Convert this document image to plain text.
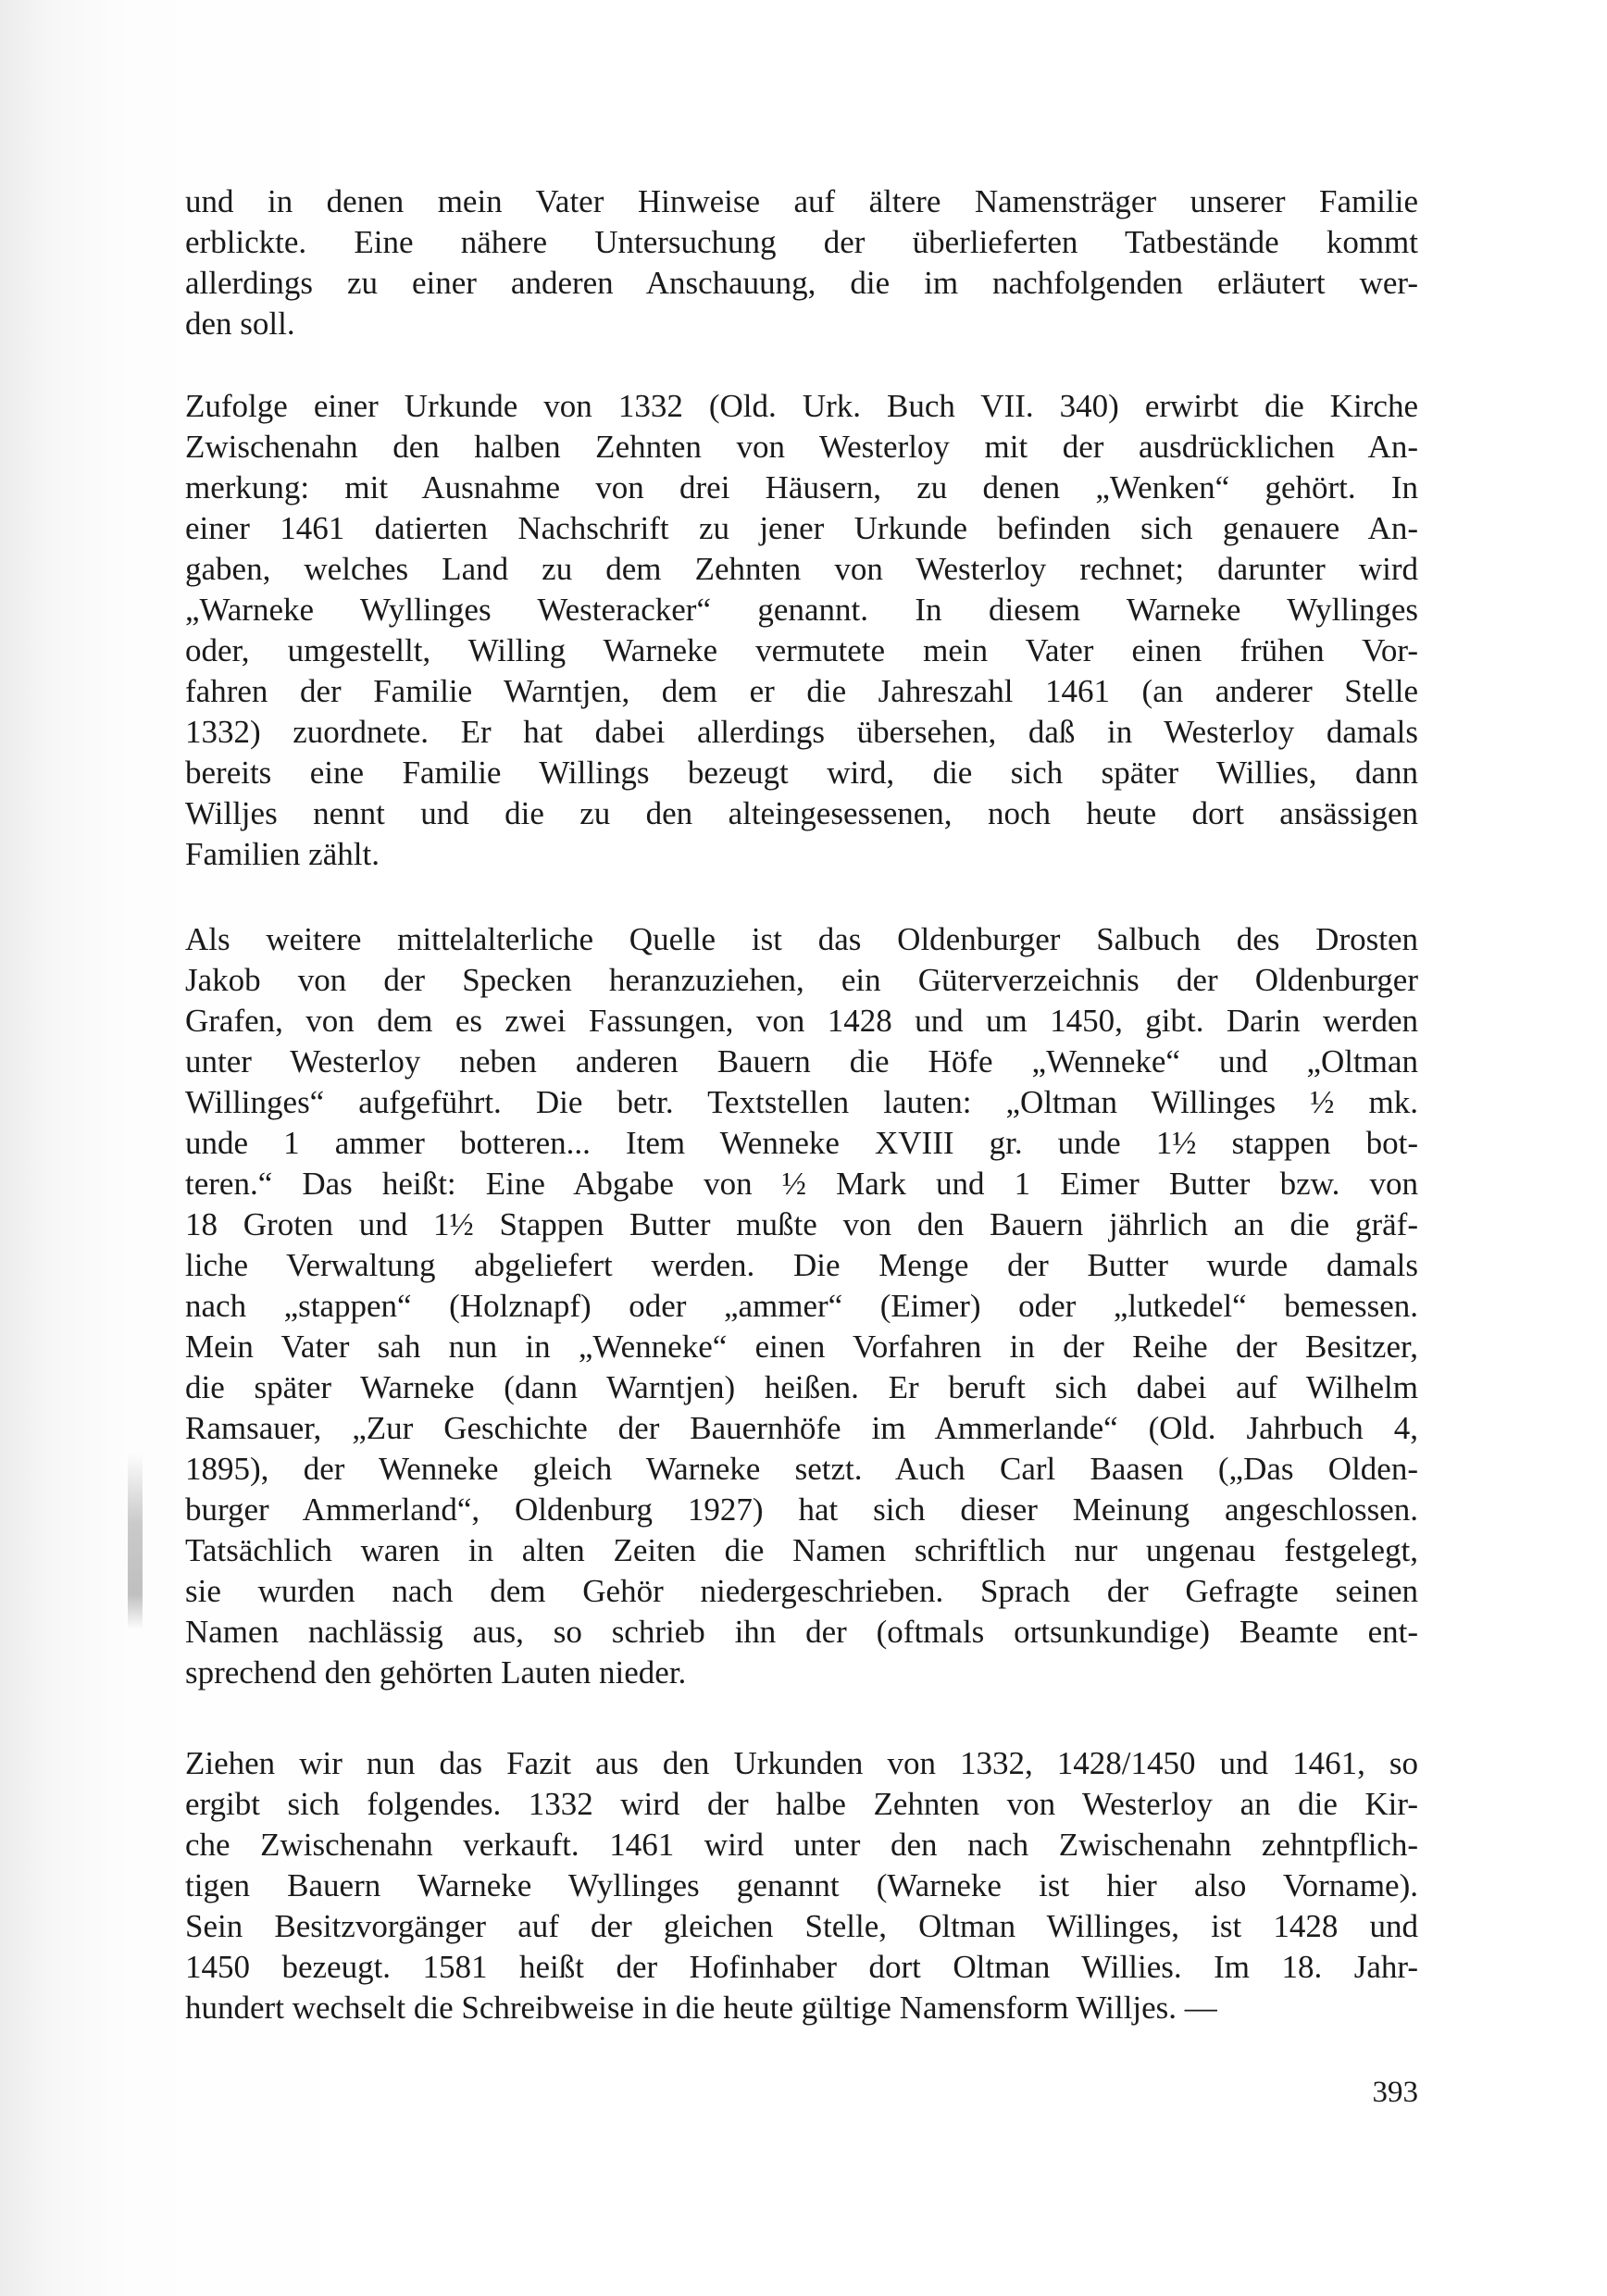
und in denen mein Vater Hinweise auf ältere Namensträger unserer Familie
erblickte. Eine nähere Untersuchung der überlieferten Tatbestände kommt
allerdings zu einer anderen Anschauung, die im nachfolgenden erläutert wer-
den soll.
Zufolge einer Urkunde von 1332 (Old. Urk. Buch VII. 340) erwirbt die Kirche
Zwischenahn den halben Zehnten von Westerloy mit der ausdrücklichen An-
merkung: mit Ausnahme von drei Häusern, zu denen „Wenken“ gehört. In
einer 1461 datierten Nachschrift zu jener Urkunde befinden sich genauere An-
gaben, welches Land zu dem Zehnten von Westerloy rechnet; darunter wird
„Warneke Wyllinges Westeracker“ genannt. In diesem Warneke Wyllinges
oder, umgestellt, Willing Warneke vermutete mein Vater einen frühen Vor-
fahren der Familie Warntjen, dem er die Jahreszahl 1461 (an anderer Stelle
1332) zuordnete. Er hat dabei allerdings übersehen, daß in Westerloy damals
bereits eine Familie Willings bezeugt wird, die sich später Willies, dann
Willjes nennt und die zu den alteingesessenen, noch heute dort ansässigen
Familien zählt.
Als weitere mittelalterliche Quelle ist das Oldenburger Salbuch des Drosten
Jakob von der Specken heranzuziehen, ein Güterverzeichnis der Oldenburger
Grafen, von dem es zwei Fassungen, von 1428 und um 1450, gibt. Darin werden
unter Westerloy neben anderen Bauern die Höfe „Wenneke“ und „Oltman
Willinges“ aufgeführt. Die betr. Textstellen lauten: „Oltman Willinges ½ mk.
unde 1 ammer botteren... Item Wenneke XVIII gr. unde 1½ stappen bot-
teren.“ Das heißt: Eine Abgabe von ½ Mark und 1 Eimer Butter bzw. von
18 Groten und 1½ Stappen Butter mußte von den Bauern jährlich an die gräf-
liche Verwaltung abgeliefert werden. Die Menge der Butter wurde damals
nach „stappen“ (Holznapf) oder „ammer“ (Eimer) oder „lutkedel“ bemessen.
Mein Vater sah nun in „Wenneke“ einen Vorfahren in der Reihe der Besitzer,
die später Warneke (dann Warntjen) heißen. Er beruft sich dabei auf Wilhelm
Ramsauer, „Zur Geschichte der Bauernhöfe im Ammerlande“ (Old. Jahrbuch 4,
1895), der Wenneke gleich Warneke setzt. Auch Carl Baasen („Das Olden-
burger Ammerland“, Oldenburg 1927) hat sich dieser Meinung angeschlossen.
Tatsächlich waren in alten Zeiten die Namen schriftlich nur ungenau festgelegt,
sie wurden nach dem Gehör niedergeschrieben. Sprach der Gefragte seinen
Namen nachlässig aus, so schrieb ihn der (oftmals ortsunkundige) Beamte ent-
sprechend den gehörten Lauten nieder.
Ziehen wir nun das Fazit aus den Urkunden von 1332, 1428/1450 und 1461, so
ergibt sich folgendes. 1332 wird der halbe Zehnten von Westerloy an die Kir-
che Zwischenahn verkauft. 1461 wird unter den nach Zwischenahn zehntpflich-
tigen Bauern Warneke Wyllinges genannt (Warneke ist hier also Vorname).
Sein Besitzvorgänger auf der gleichen Stelle, Oltman Willinges, ist 1428 und
1450 bezeugt. 1581 heißt der Hofinhaber dort Oltman Willies. Im 18. Jahr-
hundert wechselt die Schreibweise in die heute gültige Namensform Willjes. —
393
